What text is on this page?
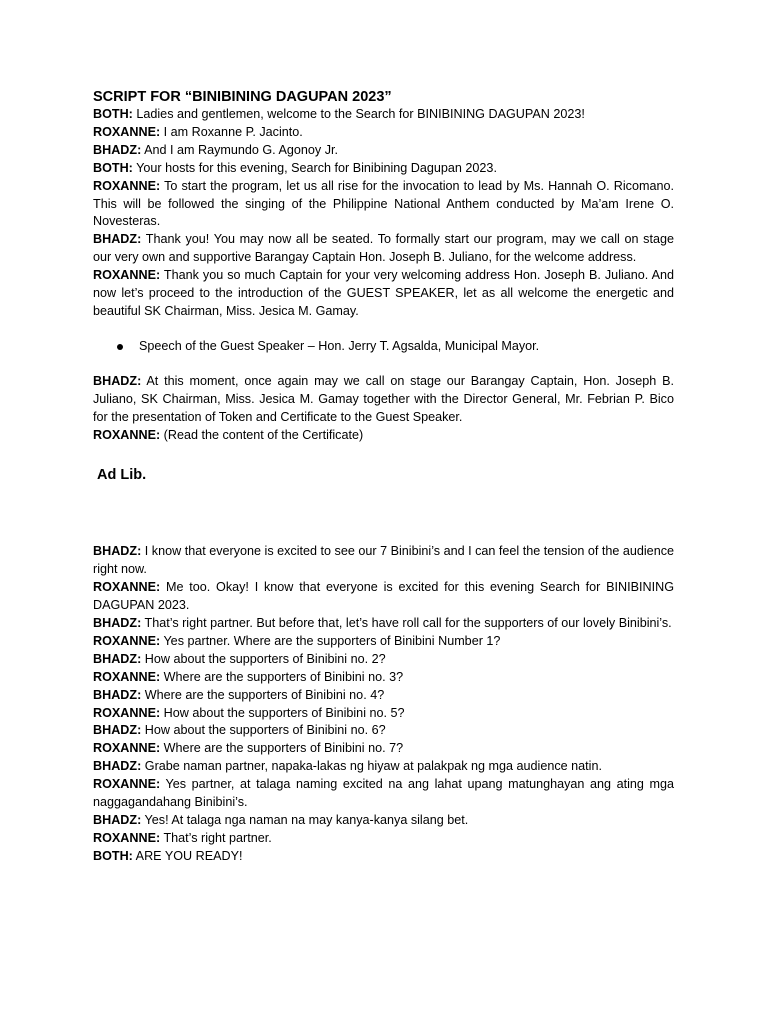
SCRIPT FOR “BINIBINING DAGUPAN 2023”

BOTH: Ladies and gentlemen, welcome to the Search for BINIBINING DAGUPAN 2023!

ROXANNE: I am Roxanne P. Jacinto.

BHADZ: And I am Raymundo G. Agonoy Jr.

BOTH: Your hosts for this evening, Search for Binibining Dagupan 2023.

ROXANNE: To start the program, let us all rise for the invocation to lead by Ms. Hannah O. Ricomano. This will be followed the singing of the Philippine National Anthem conducted by Ma’am Irene O. Novesteras.

BHADZ: Thank you! You may now all be seated. To formally start our program, may we call on stage our very own and supportive Barangay Captain Hon. Joseph B. Juliano, for the welcome address.

ROXANNE: Thank you so much Captain for your very welcoming address Hon. Joseph B. Juliano. And now let’s proceed to the introduction of the GUEST SPEAKER, let as all welcome the energetic and beautiful SK Chairman, Miss. Jesica M. Gamay.

Speech of the Guest Speaker – Hon. Jerry T. Agsalda, Municipal Mayor.

BHADZ: At this moment, once again may we call on stage our Barangay Captain, Hon. Joseph B. Juliano, SK Chairman, Miss. Jesica M. Gamay together with the Director General, Mr. Febrian P. Bico for the presentation of Token and Certificate to the Guest Speaker.

ROXANNE: (Read the content of the Certificate)

Ad Lib.

BHADZ: I know that everyone is excited to see our 7 Binibini’s and I can feel the tension of the audience right now.

ROXANNE: Me too. Okay! I know that everyone is excited for this evening Search for BINIBINING DAGUPAN 2023.

BHADZ: That’s right partner. But before that, let’s have roll call for the supporters of our lovely Binibini’s.

ROXANNE: Yes partner. Where are the supporters of Binibini Number 1?

BHADZ: How about the supporters of Binibini no. 2?

ROXANNE: Where are the supporters of Binibini no. 3?

BHADZ: Where are the supporters of Binibini no. 4?

ROXANNE: How about the supporters of Binibini no. 5?

BHADZ: How about the supporters of Binibini no. 6?

ROXANNE: Where are the supporters of Binibini no. 7?

BHADZ: Grabe naman partner, napaka-lakas ng hiyaw at palakpak ng mga audience natin.

ROXANNE: Yes partner, at talaga naming excited na ang lahat upang matunghayan ang ating mga naggagandahang Binibini’s.

BHADZ: Yes! At talaga nga naman na may kanya-kanya silang bet.

ROXANNE: That’s right partner.

BOTH: ARE YOU READY!
